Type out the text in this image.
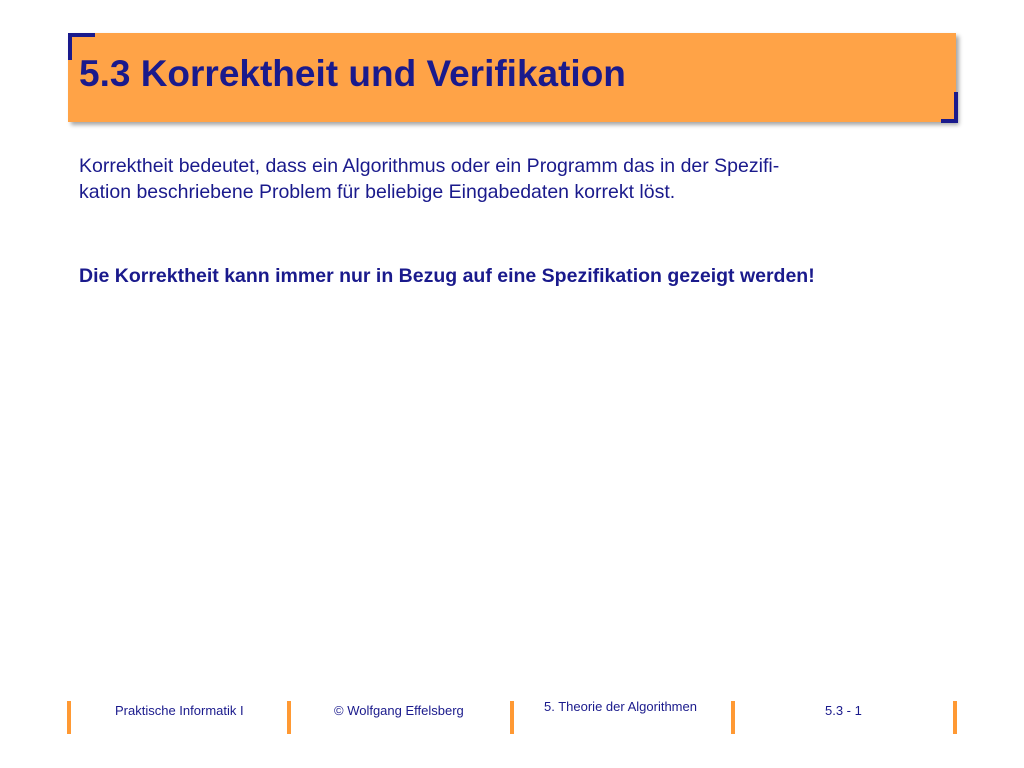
5.3 Korrektheit und Verifikation

Korrektheit bedeutet, dass ein Algorithmus oder ein Programm das in der Spezifi-
kation beschriebene Problem für beliebige Eingabedaten korrekt löst.

Die Korrektheit kann immer nur in Bezug auf eine Spezifikation gezeigt werden!

Praktische Informatik I	© Wolfgang Effelsberg	5. Theorie der Algorithmen	5.3 - 1
